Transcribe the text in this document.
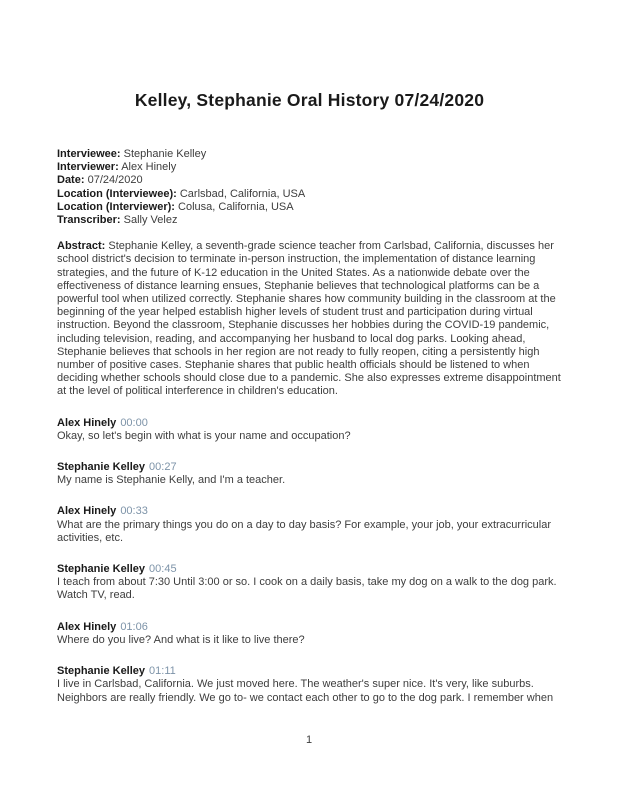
Kelley, Stephanie Oral History 07/24/2020
Interviewee: Stephanie Kelley
Interviewer: Alex Hinely
Date: 07/24/2020
Location (Interviewee): Carlsbad, California, USA
Location (Interviewer): Colusa, California, USA
Transcriber: Sally Velez

Abstract: Stephanie Kelley, a seventh-grade science teacher from Carlsbad, California, discusses her school district's decision to terminate in-person instruction, the implementation of distance learning strategies, and the future of K-12 education in the United States. As a nationwide debate over the effectiveness of distance learning ensues, Stephanie believes that technological platforms can be a powerful tool when utilized correctly. Stephanie shares how community building in the classroom at the beginning of the year helped establish higher levels of student trust and participation during virtual instruction. Beyond the classroom, Stephanie discusses her hobbies during the COVID-19 pandemic, including television, reading, and accompanying her husband to local dog parks. Looking ahead, Stephanie believes that schools in her region are not ready to fully reopen, citing a persistently high number of positive cases. Stephanie shares that public health officials should be listened to when deciding whether schools should close due to a pandemic. She also expresses extreme disappointment at the level of political interference in children's education.

Alex Hinely 00:00
Okay, so let's begin with what is your name and occupation?
Stephanie Kelley 00:27
My name is Stephanie Kelly, and I'm a teacher.
Alex Hinely 00:33
What are the primary things you do on a day to day basis? For example, your job, your extracurricular activities, etc.
Stephanie Kelley 00:45
I teach from about 7:30 Until 3:00 or so. I cook on a daily basis, take my dog on a walk to the dog park. Watch TV, read.
Alex Hinely 01:06
Where do you live? And what is it like to live there?
Stephanie Kelley 01:11
I live in Carlsbad, California. We just moved here. The weather's super nice. It's very, like suburbs. Neighbors are really friendly. We go to- we contact each other to go to the dog park. I remember when
1
